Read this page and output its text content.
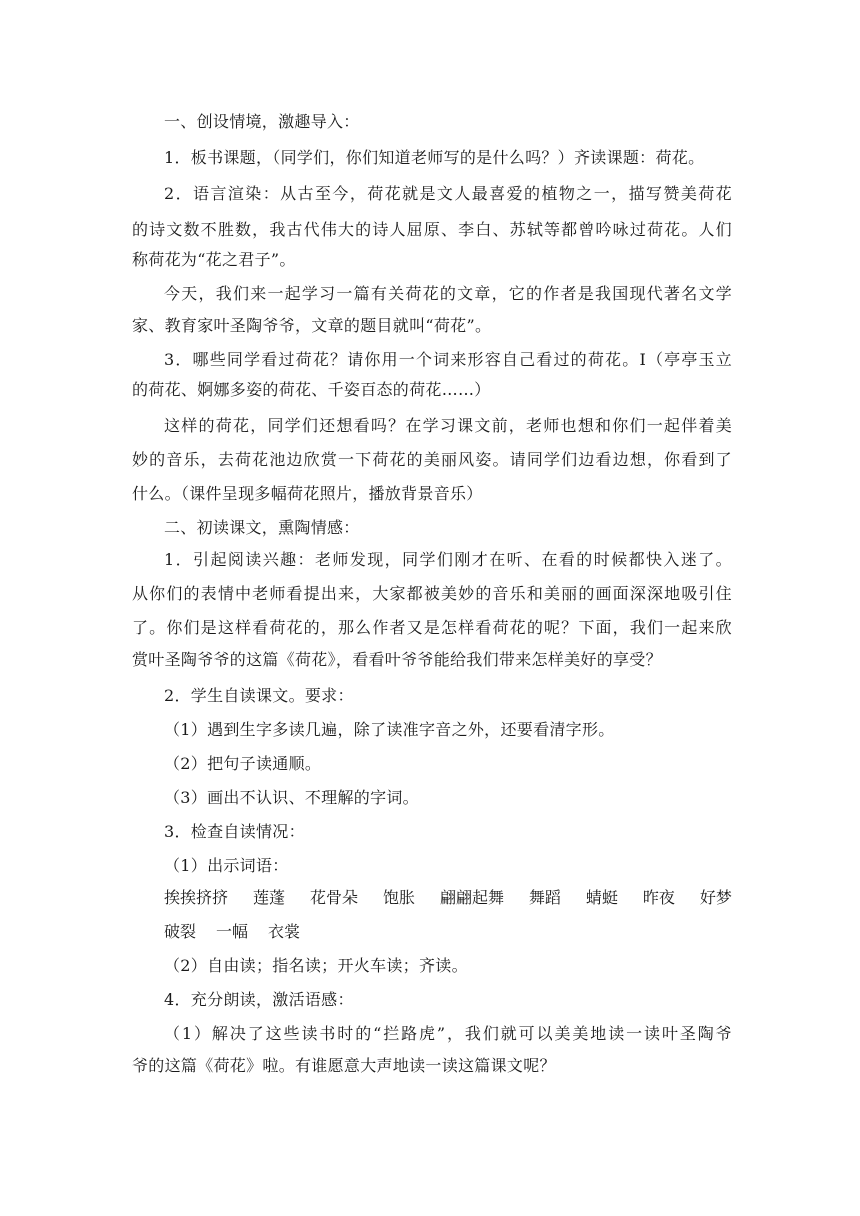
一、创设情境，激趣导入：
1．板书课题，（同学们，你们知道老师写的是什么吗？）齐读课题：荷花。
2．语言渲染：从古至今，荷花就是文人最喜爱的植物之一，描写赞美荷花
的诗文数不胜数，我古代伟大的诗人屈原、李白、苏轼等都曾吟咏过荷花。人们
称荷花为“花之君子”。
今天，我们来一起学习一篇有关荷花的文章，它的作者是我国现代著名文学
家、教育家叶圣陶爷爷，文章的题目就叫“荷花”。
3．哪些同学看过荷花？请你用一个词来形容自己看过的荷花。I（亭亭玉立
的荷花、婀娜多姿的荷花、千姿百态的荷花……）
这样的荷花，同学们还想看吗？在学习课文前，老师也想和你们一起伴着美
妙的音乐，去荷花池边欣赏一下荷花的美丽风姿。请同学们边看边想，你看到了
什么。（课件呈现多幅荷花照片，播放背景音乐）
二、初读课文，熏陶情感：
1．引起阅读兴趣：老师发现，同学们刚才在听、在看的时候都快入迷了。
从你们的表情中老师看提出来，大家都被美妙的音乐和美丽的画面深深地吸引住
了。你们是这样看荷花的，那么作者又是怎样看荷花的呢？下面，我们一起来欣
赏叶圣陶爷爷的这篇《荷花》，看看叶爷爷能给我们带来怎样美好的享受？
2．学生自读课文。要求：
（1）遇到生字多读几遍，除了读准字音之外，还要看清字形。
（2）把句子读通顺。
（3）画出不认识、不理解的字词。
3．检查自读情况：
（1）出示词语：
挨挨挤挤 莲蓬 花骨朵 饱胀 翩翩起舞 舞蹈 蜻蜓 昨夜 好梦
破裂 一幅 衣裳
（2）自由读；指名读；开火车读；齐读。
4．充分朗读，激活语感：
（1）解决了这些读书时的“拦路虎”，我们就可以美美地读一读叶圣陶爷
爷的这篇《荷花》啦。有谁愿意大声地读一读这篇课文呢？
